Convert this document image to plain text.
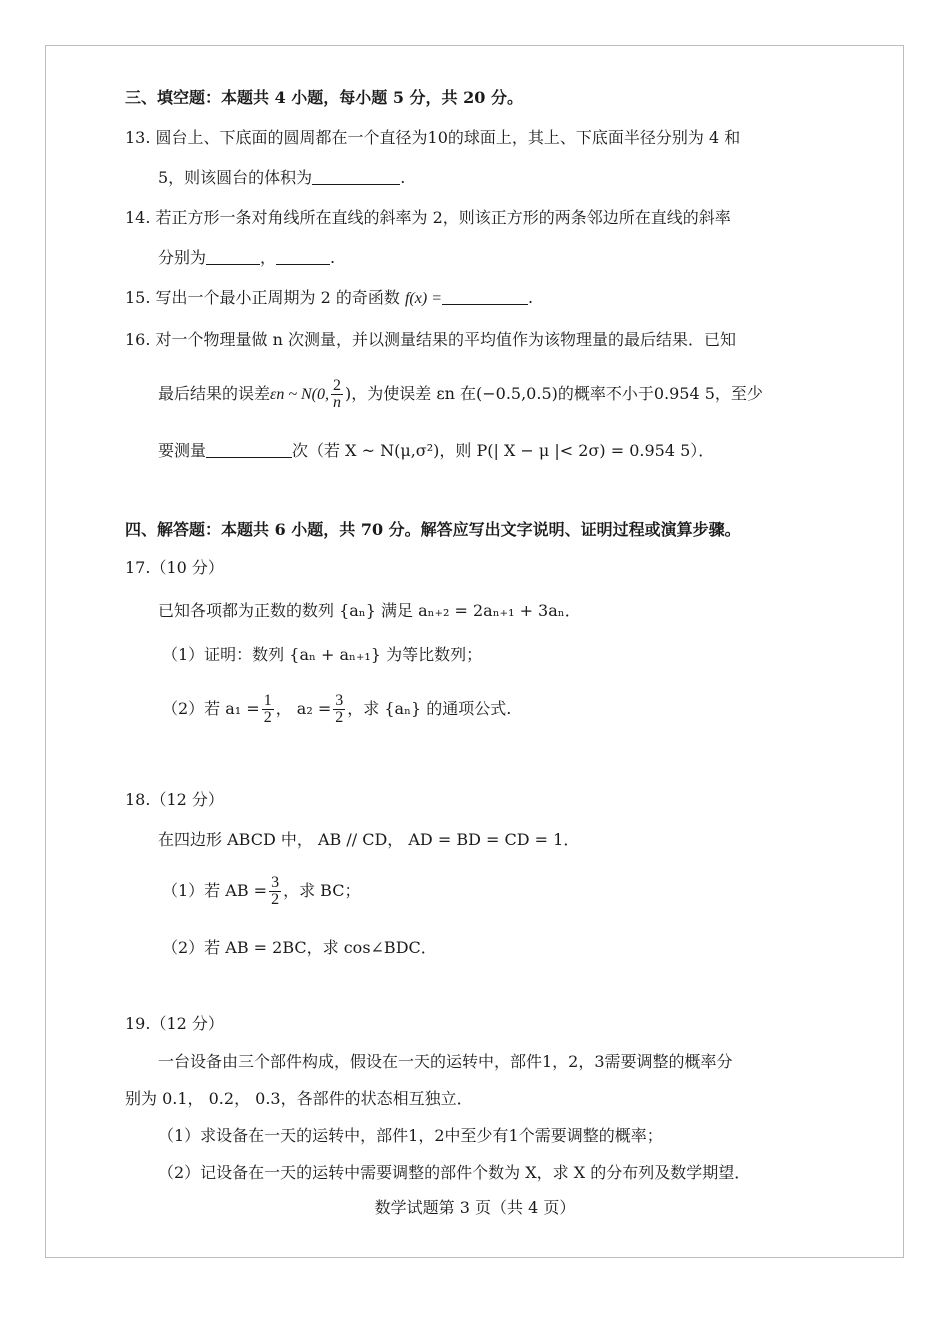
三、填空题：本题共 4 小题，每小题 5 分，共 20 分。
13. 圆台上、下底面的圆周都在一个直径为10的球面上，其上、下底面半径分别为 4 和
5，则该圆台的体积为	.
14. 若正方形一条对角线所在直线的斜率为 2，则该正方形的两条邻边所在直线的斜率
分别为	，	.
15. 写出一个最小正周期为 2 的奇函数 f(x) =	.
16. 对一个物理量做 n 次测量，并以测量结果的平均值作为该物理量的最后结果．已知
最后结果的误差εn ~ N(0, $\frac{2}{n}$ )，为使误差 εn 在(−0.5,0.5)的概率不小于0.954 5，至少
要测量	次（若 X ~ N(μ,σ²)，则 P(| X − μ |< 2σ) = 0.954 5）．
四、解答题：本题共 6 小题，共 70 分。解答应写出文字说明、证明过程或演算步骤。
17.（10 分）
已知各项都为正数的数列 {aₙ} 满足 aₙ₊₂ = 2aₙ₊₁ + 3aₙ．
（1）证明：数列 {aₙ + aₙ₊₁} 为等比数列；
（2）若 $a_1 = \frac{1}{2}$ ， $a_2 = \frac{3}{2}$ ，求 {aₙ} 的通项公式.
18.（12 分）
在四边形 ABCD 中， AB // CD， AD = BD = CD = 1．
（1）若 AB = $\frac{3}{2}$ ，求 BC；
（2）若 AB = 2BC，求 cos∠BDC．
19.（12 分）
一台设备由三个部件构成，假设在一天的运转中，部件1，2，3需要调整的概率分
别为 0.1， 0.2， 0.3，各部件的状态相互独立．
（1）求设备在一天的运转中，部件1，2中至少有1个需要调整的概率；
（2）记设备在一天的运转中需要调整的部件个数为 X，求 X 的分布列及数学期望．
数学试题第 3 页（共 4 页）
